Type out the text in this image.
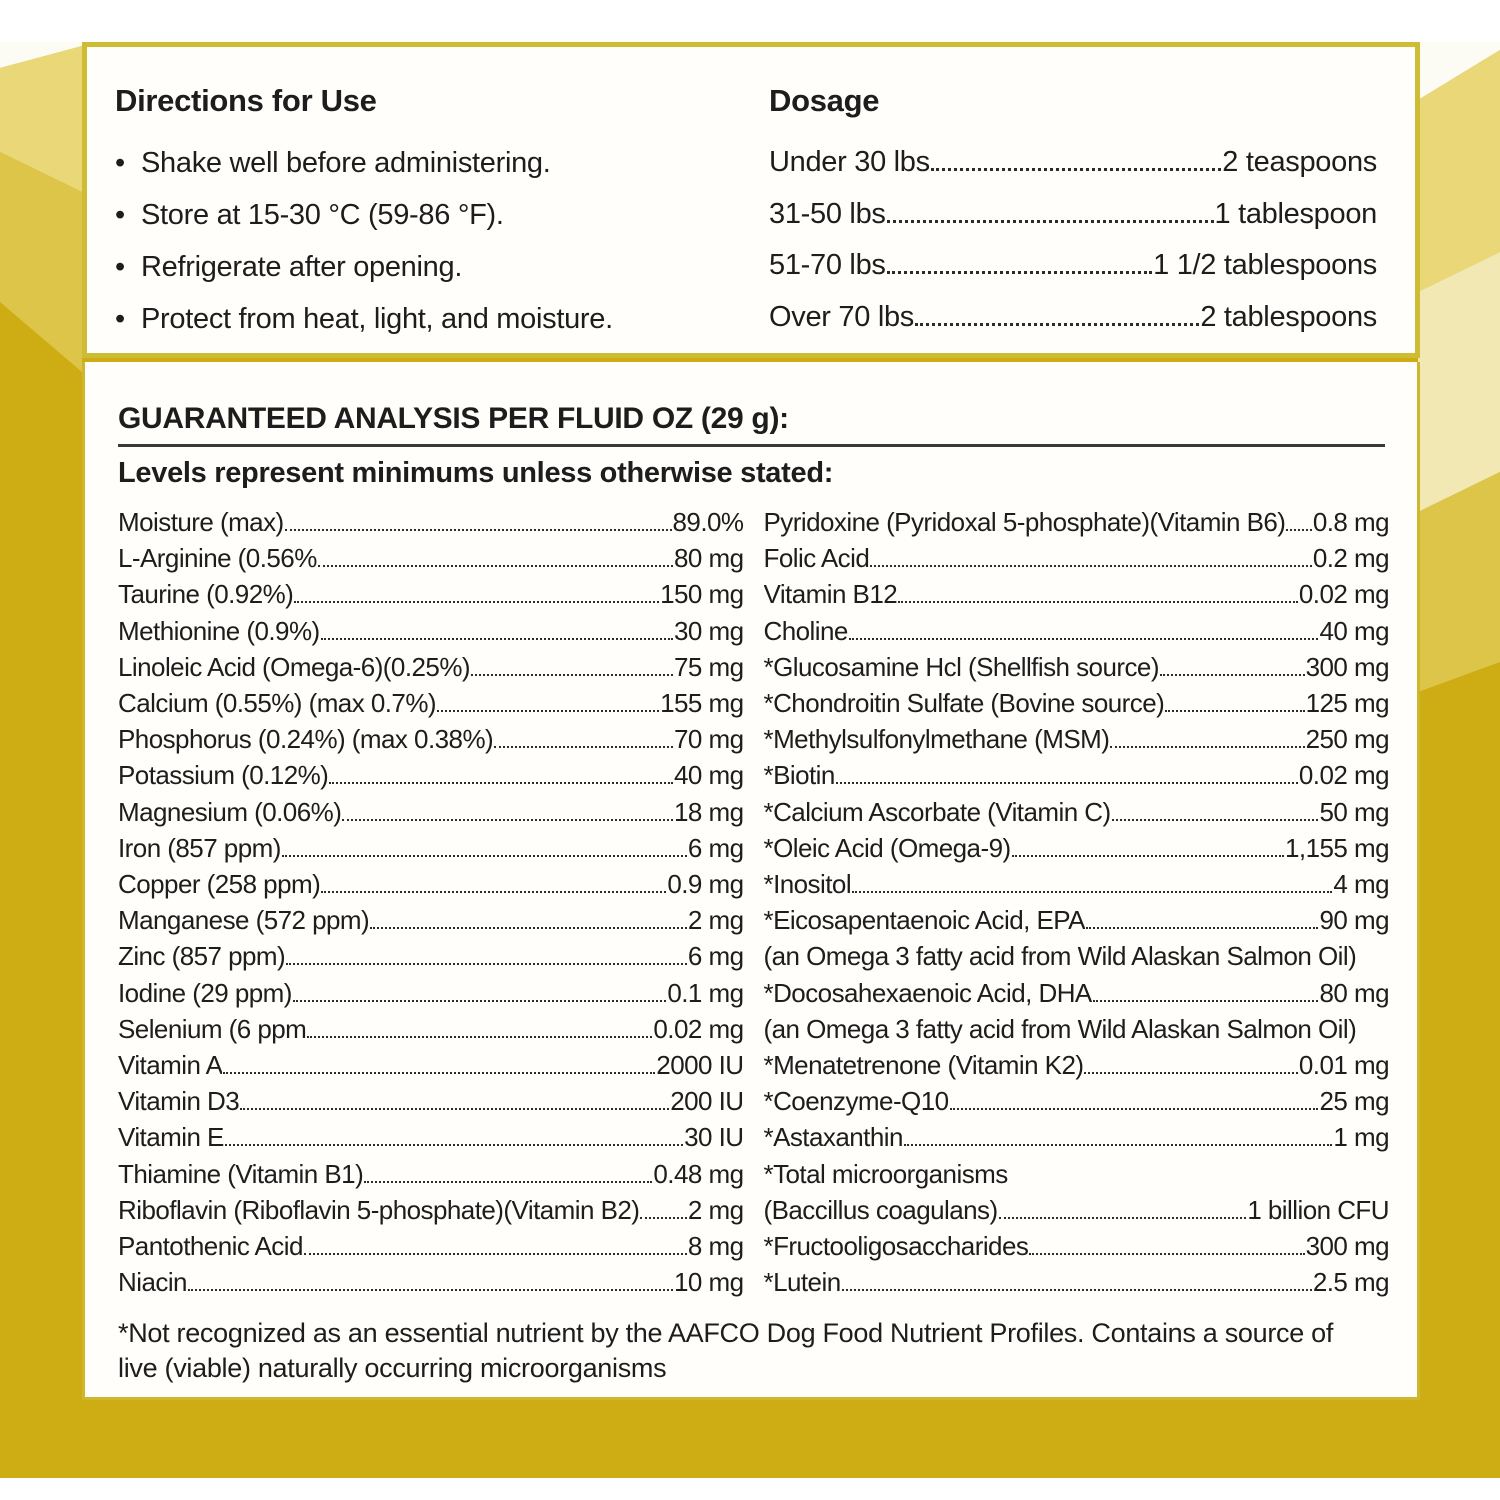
Directions for Use

• Shake well before administering.
• Store at 15-30 °C (59-86 °F).
• Refrigerate after opening.
• Protect from heat, light, and moisture.

Dosage

Under 30 lbs	2 teaspoons
31-50 lbs	1 tablespoon
51-70 lbs	1 1/2 tablespoons
Over 70 lbs	2 tablespoons

GUARANTEED ANALYSIS PER FLUID OZ (29 g):

Levels represent minimums unless otherwise stated:

Moisture (max)	89.0%
L-Arginine (0.56%	80 mg
Taurine (0.92%)	150 mg
Methionine (0.9%)	30 mg
Linoleic Acid (Omega-6)(0.25%)	75 mg
Calcium (0.55%) (max 0.7%)	155 mg
Phosphorus (0.24%) (max 0.38%)	70 mg
Potassium (0.12%)	40 mg
Magnesium (0.06%)	18 mg
Iron (857 ppm)	6 mg
Copper (258 ppm)	0.9 mg
Manganese (572 ppm)	2 mg
Zinc (857 ppm)	6 mg
Iodine (29 ppm)	0.1 mg
Selenium (6 ppm	0.02 mg
Vitamin A	2000 IU
Vitamin D3	200 IU
Vitamin E	30 IU
Thiamine (Vitamin B1)	0.48 mg
Riboflavin (Riboflavin 5-phosphate)(Vitamin B2) 2 mg
Pantothenic Acid	8 mg
Niacin	10 mg
Pyridoxine (Pyridoxal 5-phosphate)(Vitamin B6) 0.8 mg
Folic Acid	0.2 mg
Vitamin B12	0.02 mg
Choline	40 mg
*Glucosamine Hcl (Shellfish source)	300 mg
*Chondroitin Sulfate (Bovine source)	125 mg
*Methylsulfonylmethane (MSM)	250 mg
*Biotin	0.02 mg
*Calcium Ascorbate (Vitamin C)	50 mg
*Oleic Acid (Omega-9)	1,155 mg
*Inositol	4 mg
*Eicosapentaenoic Acid, EPA	90 mg
(an Omega 3 fatty acid from Wild Alaskan Salmon Oil)
*Docosahexaenoic Acid, DHA	80 mg
(an Omega 3 fatty acid from Wild Alaskan Salmon Oil)
*Menatetrenone (Vitamin K2)	0.01 mg
*Coenzyme-Q10	25 mg
*Astaxanthin	1 mg
*Total microorganisms
(Baccillus coagulans)	1 billion CFU
*Fructooligosaccharides	300 mg
*Lutein	2.5 mg

*Not recognized as an essential nutrient by the AAFCO Dog Food Nutrient Profiles. Contains a source of live (viable) naturally occurring microorganisms
